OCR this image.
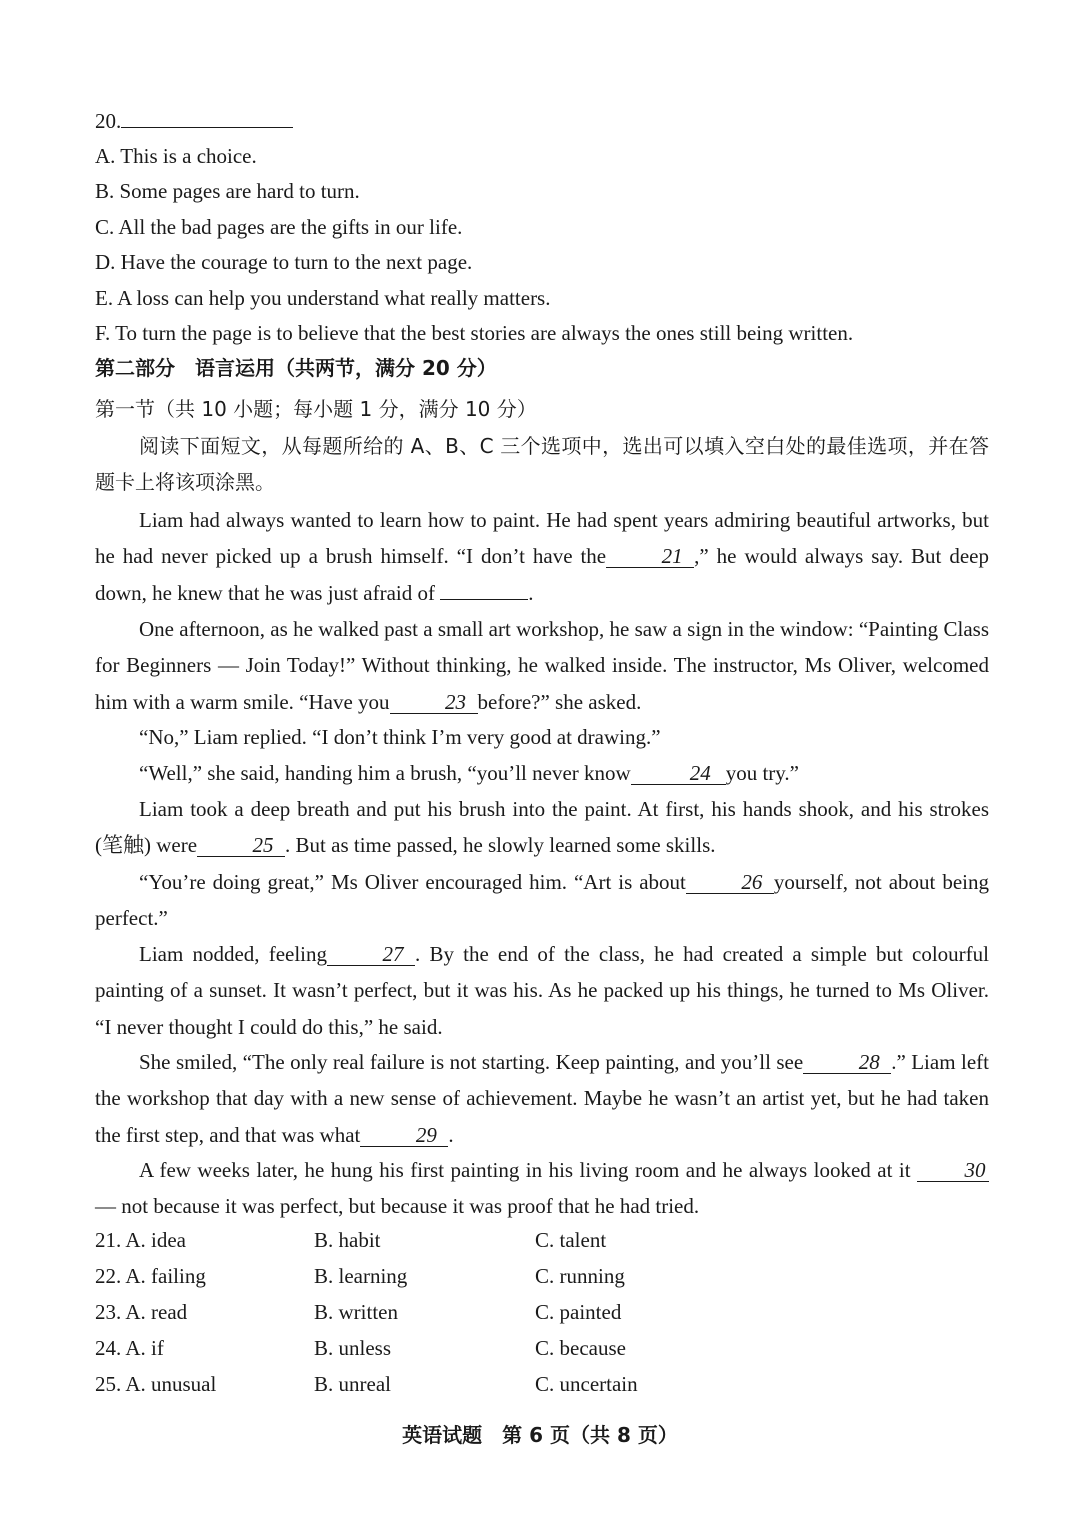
20.
A. This is a choice.
B. Some pages are hard to turn.
C. All the bad pages are the gifts in our life.
D. Have the courage to turn to the next page.
E. A loss can help you understand what really matters.
F. To turn the page is to believe that the best stories are always the ones still being written.
第二部分　语言运用（共两节，满分 20 分）
第一节（共 10 小题；每小题 1 分，满分 10 分）
阅读下面短文，从每题所给的 A、B、C 三个选项中，选出可以填入空白处的最佳选项，并在答题卡上将该项涂黑。
Liam had always wanted to learn how to paint. He had spent years admiring beautiful artworks, but he had never picked up a brush himself. “I don’t have the	21 ,” he would always say. But deep down, he knew that he was just afraid of	.
One afternoon, as he walked past a small art workshop, he saw a sign in the window: “Painting Class for Beginners — Join Today!” Without thinking, he walked inside. The instructor, Ms Oliver, welcomed him with a warm smile. “Have you	23 before?” she asked.
“No,” Liam replied. “I don’t think I’m very good at drawing.”
“Well,” she said, handing him a brush, “you’ll never know	24 you try.”
Liam took a deep breath and put his brush into the paint. At first, his hands shook, and his strokes (笔触) were	25 . But as time passed, he slowly learned some skills.
“You’re doing great,” Ms Oliver encouraged him. “Art is about	26 yourself, not about being perfect.”
Liam nodded, feeling	27 . By the end of the class, he had created a simple but colourful painting of a sunset. It wasn’t perfect, but it was his. As he packed up his things, he turned to Ms Oliver. “I never thought I could do this,” he said.
She smiled, “The only real failure is not starting. Keep painting, and you’ll see	28 .” Liam left the workshop that day with a new sense of achievement. Maybe he wasn’t an artist yet, but he had taken the first step, and that was what	29 .
A few weeks later, he hung his first painting in his living room and he always looked at it	30 — not because it was perfect, but because it was proof that he had tried.
21. A. idea	B. habit	C. talent
22. A. failing	B. learning	C. running
23. A. read	B. written	C. painted
24. A. if	B. unless	C. because
25. A. unusual	B. unreal	C. uncertain
英语试题　第 6 页（共 8 页）
